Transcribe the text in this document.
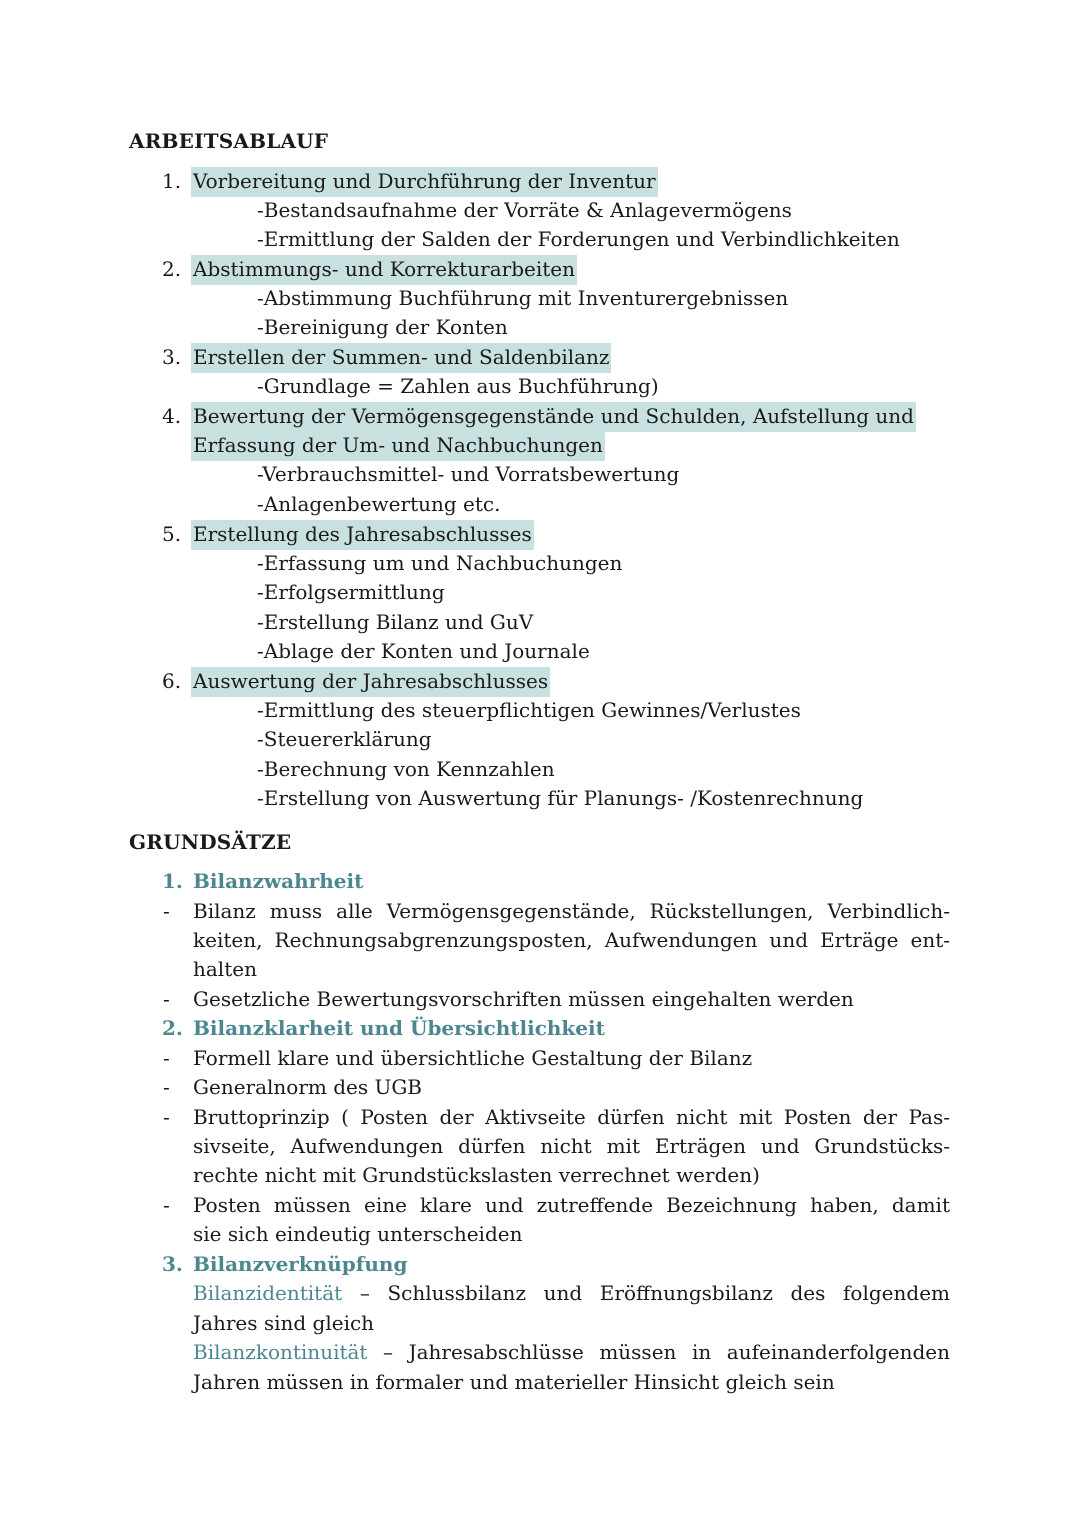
ARBEITSABLAUF
1. Vorbereitung und Durchführung der Inventur
-Bestandsaufnahme der Vorräte & Anlagevermögens
-Ermittlung der Salden der Forderungen und Verbindlichkeiten
2. Abstimmungs- und Korrekturarbeiten
-Abstimmung Buchführung mit Inventurergebnissen
-Bereinigung der Konten
3. Erstellen der Summen- und Saldenbilanz
-Grundlage = Zahlen aus Buchführung)
4. Bewertung der Vermögensgegenstände und Schulden, Aufstellung und
Erfassung der Um- und Nachbuchungen
-Verbrauchsmittel- und Vorratsbewertung
-Anlagenbewertung etc.
5. Erstellung des Jahresabschlusses
-Erfassung um und Nachbuchungen
-Erfolgsermittlung
-Erstellung Bilanz und GuV
-Ablage der Konten und Journale
6. Auswertung der Jahresabschlusses
-Ermittlung des steuerpflichtigen Gewinnes/Verlustes
-Steuererklärung
-Berechnung von Kennzahlen
-Erstellung von Auswertung für Planungs- /Kostenrechnung
GRUNDSÄTZE
1. Bilanzwahrheit
- Bilanz muss alle Vermögensgegenstände, Rückstellungen, Verbindlich-
keiten, Rechnungsabgrenzungsposten, Aufwendungen und Erträge ent-
halten
- Gesetzliche Bewertungsvorschriften müssen eingehalten werden
2. Bilanzklarheit und Übersichtlichkeit
- Formell klare und übersichtliche Gestaltung der Bilanz
- Generalnorm des UGB
- Bruttoprinzip ( Posten der Aktivseite dürfen nicht mit Posten der Pas-
sivseite, Aufwendungen dürfen nicht mit Erträgen und Grundstücks-
rechte nicht mit Grundstückslasten verrechnet werden)
- Posten müssen eine klare und zutreffende Bezeichnung haben, damit
sie sich eindeutig unterscheiden
3. Bilanzverknüpfung
Bilanzidentität – Schlussbilanz und Eröffnungsbilanz des folgendem
Jahres sind gleich
Bilanzkontinuität – Jahresabschlüsse müssen in aufeinanderfolgenden
Jahren müssen in formaler und materieller Hinsicht gleich sein
